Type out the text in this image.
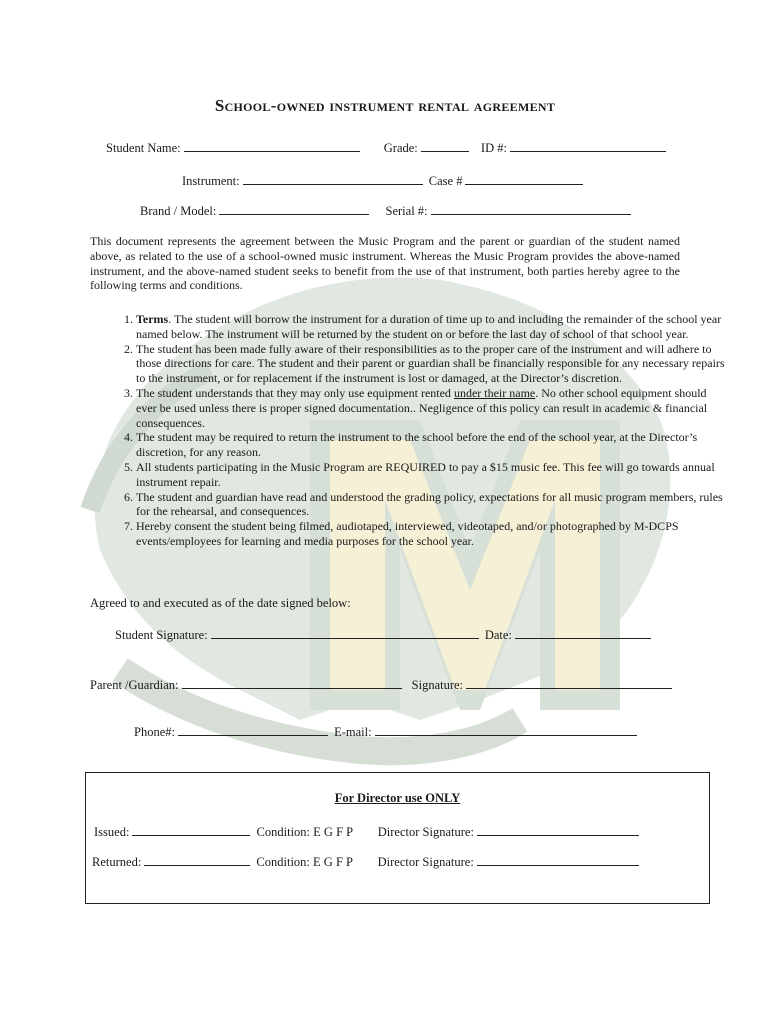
School-owned instrument rental agreement
Student Name:	Grade:	ID #:
Instrument:	Case #
Brand / Model:	Serial #:
This document represents the agreement between the Music Program and the parent or guardian of the student named above, as related to the use of a school-owned music instrument. Whereas the Music Program provides the above-named instrument, and the above-named student seeks to benefit from the use of that instrument, both parties hereby agree to the following terms and conditions.
1. Terms. The student will borrow the instrument for a duration of time up to and including the remainder of the school year named below. The instrument will be returned by the student on or before the last day of school of that school year.
2. The student has been made fully aware of their responsibilities as to the proper care of the instrument and will adhere to those directions for care. The student and their parent or guardian shall be financially responsible for any necessary repairs to the instrument, or for replacement if the instrument is lost or damaged, at the Director’s discretion.
3. The student understands that they may only use equipment rented under their name. No other school equipment should ever be used unless there is proper signed documentation.. Negligence of this policy can result in academic & financial consequences.
4. The student may be required to return the instrument to the school before the end of the school year, at the Director’s discretion, for any reason.
5. All students participating in the Music Program are REQUIRED to pay a $15 music fee. This fee will go towards annual instrument repair.
6. The student and guardian have read and understood the grading policy, expectations for all music program members, rules for the rehearsal, and consequences.
7. Hereby consent the student being filmed, audiotaped, interviewed, videotaped, and/or photographed by M-DCPS events/employees for learning and media purposes for the school year.
Agreed to and executed as of the date signed below:
Student Signature:	Date:
Parent /Guardian:	Signature:
Phone#:	E-mail:
For Director use ONLY
Issued:	Condition: E G F P Director Signature:
Returned:	Condition: E G F P Director Signature:
